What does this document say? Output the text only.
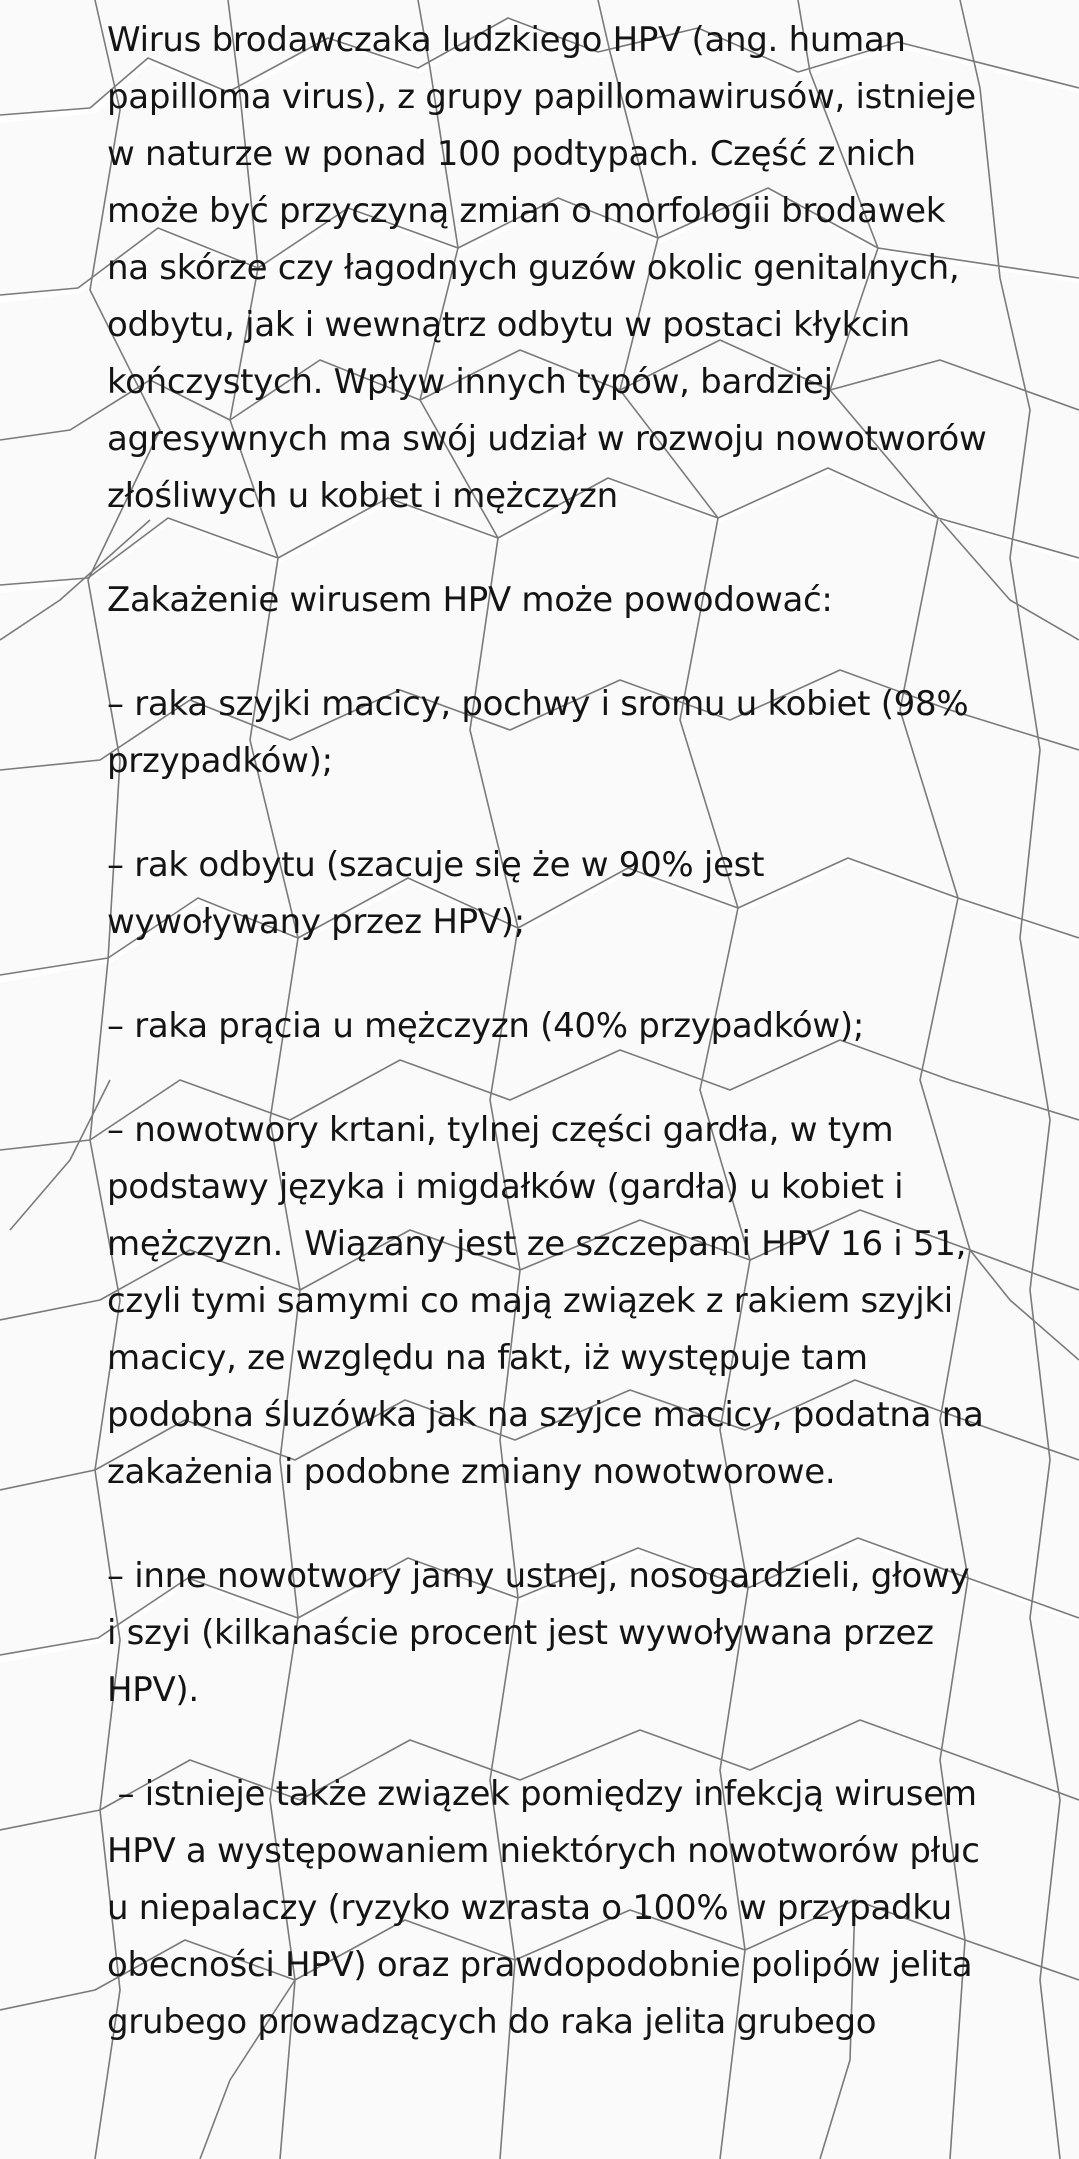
Wirus brodawczaka ludzkiego HPV (ang. human papilloma virus), z grupy papillomawirusów, istnieje w naturze w ponad 100 podtypach. Część z nich może być przyczyną zmian o morfologii brodawek na skórze czy łagodnych guzów okolic genitalnych, odbytu, jak i wewnątrz odbytu w postaci kłykcin kończystych. Wpływ innych typów, bardziej agresywnych ma swój udział w rozwoju nowotworów złośliwych u kobiet i mężczyzn

Zakażenie wirusem HPV może powodować:

– raka szyjki macicy, pochwy i sromu u kobiet (98% przypadków);

– rak odbytu (szacuje się że w 90% jest wywoływany przez HPV);

– raka prącia u mężczyzn (40% przypadków);

– nowotwory krtani, tylnej części gardła, w tym podstawy języka i migdałków (gardła) u kobiet i mężczyzn.  Wiązany jest ze szczepami HPV 16 i 51, czyli tymi samymi co mają związek z rakiem szyjki macicy, ze względu na fakt, iż występuje tam podobna śluzówka jak na szyjce macicy, podatna na zakażenia i podobne zmiany nowotworowe.

– inne nowotwory jamy ustnej, nosogardzieli, głowy i szyi (kilkanaście procent jest wywoływana przez HPV).

– istnieje także związek pomiędzy infekcją wirusem HPV a występowaniem niektórych nowotworów płuc u niepalaczy (ryzyko wzrasta o 100% w przypadku obecności HPV) oraz prawdopodobnie polipów jelita grubego prowadzących do raka jelita grubego
